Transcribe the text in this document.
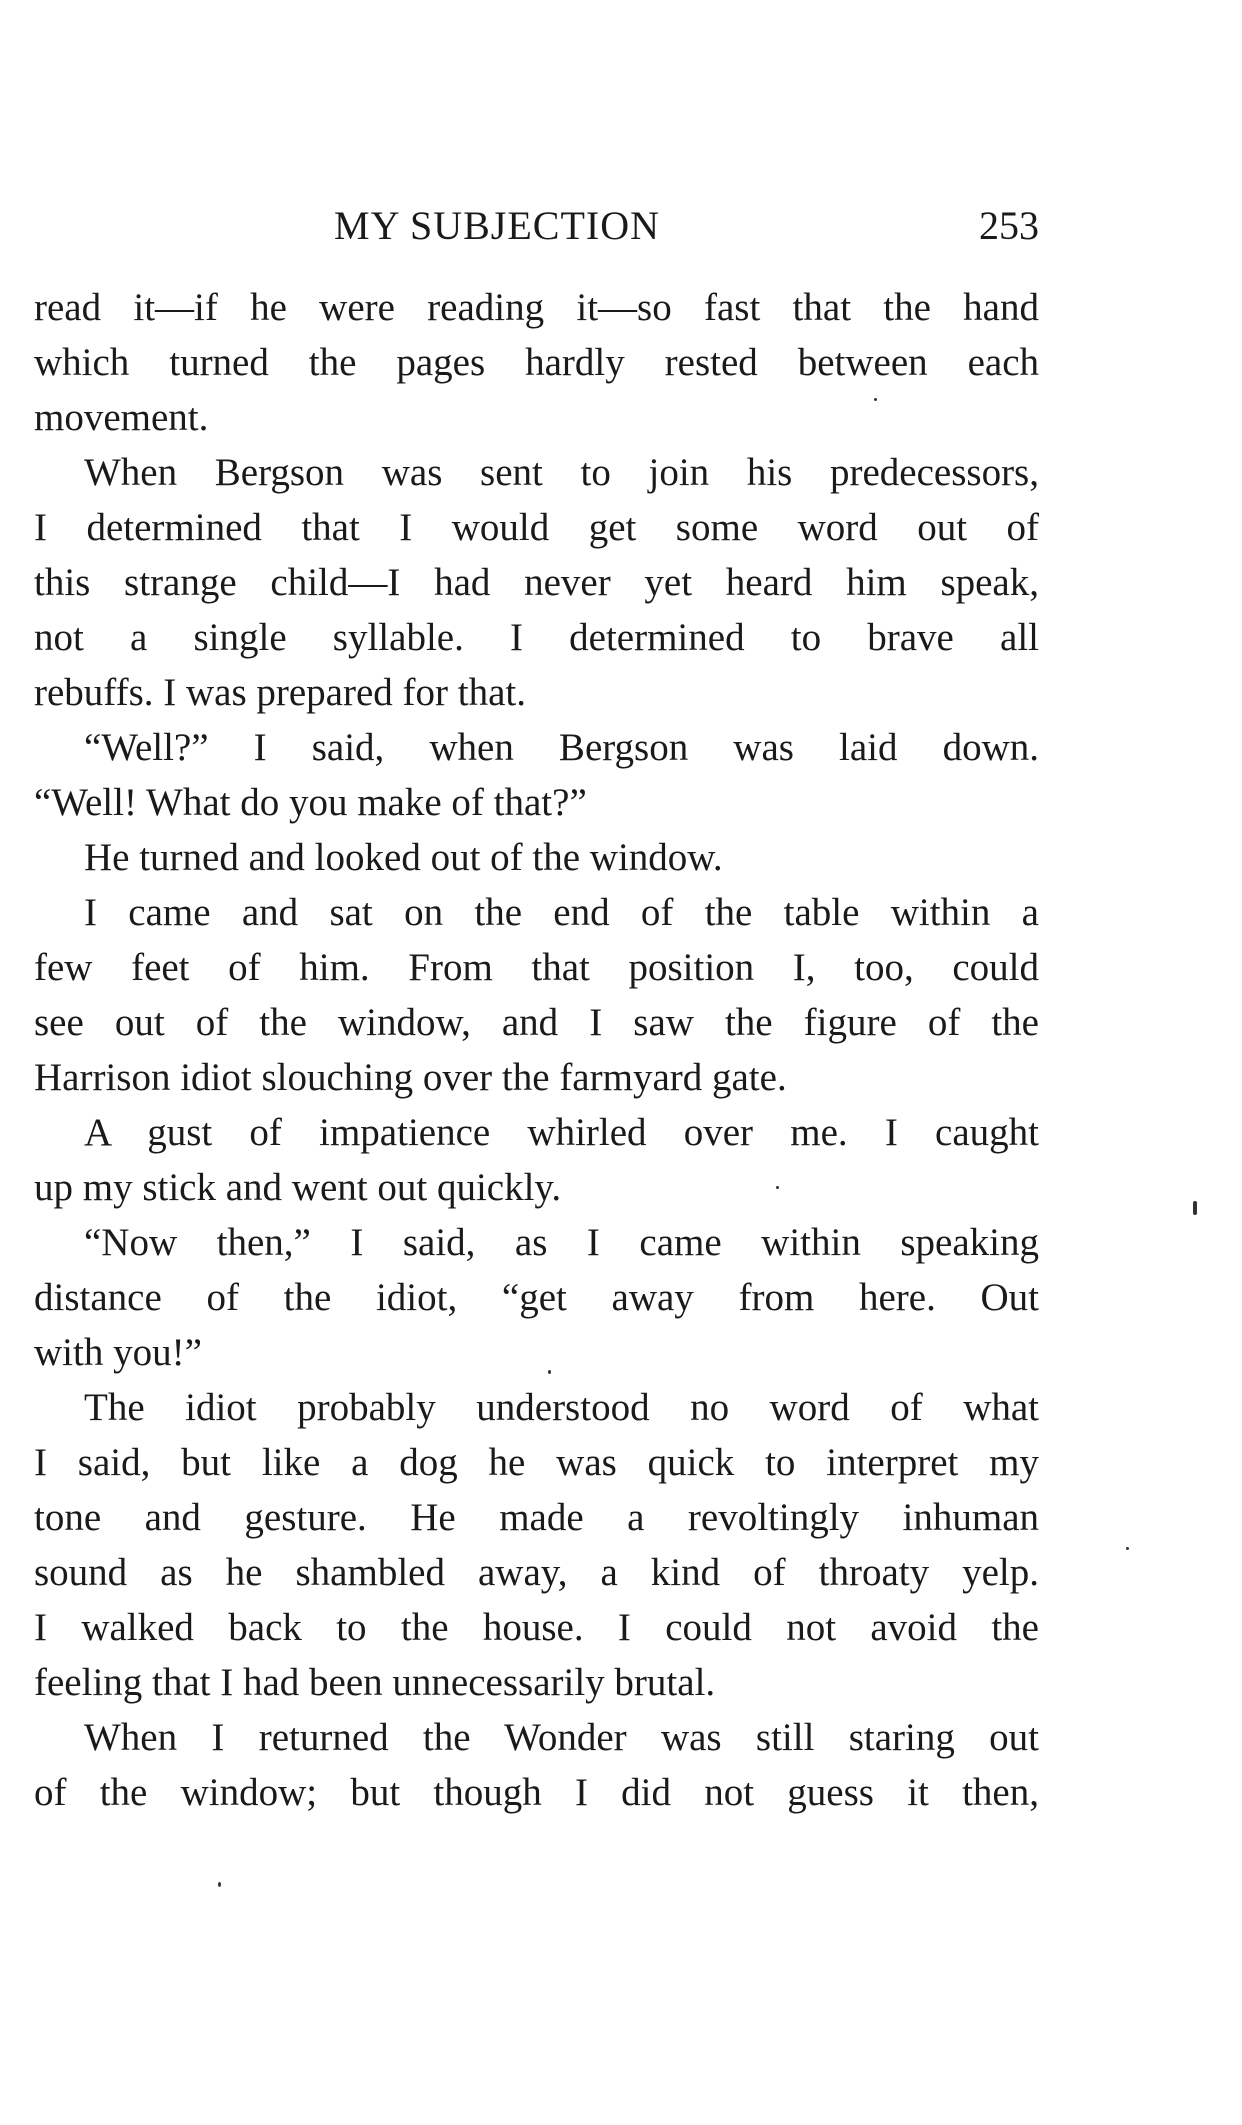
MY SUBJECTION	253
read it—if he were reading it—so fast that the hand
which turned the pages hardly rested between each
movement.
When Bergson was sent to join his predecessors,
I determined that I would get some word out of
this strange child—I had never yet heard him speak,
not a single syllable. I determined to brave all
rebuffs. I was prepared for that.
“Well?” I said, when Bergson was laid down.
“Well! What do you make of that?”
He turned and looked out of the window.
I came and sat on the end of the table within a
few feet of him. From that position I, too, could
see out of the window, and I saw the figure of the
Harrison idiot slouching over the farmyard gate.
A gust of impatience whirled over me. I caught
up my stick and went out quickly.
“Now then,” I said, as I came within speaking
distance of the idiot, “get away from here. Out
with you!”
The idiot probably understood no word of what
I said, but like a dog he was quick to interpret my
tone and gesture. He made a revoltingly inhuman
sound as he shambled away, a kind of throaty yelp.
I walked back to the house. I could not avoid the
feeling that I had been unnecessarily brutal.
When I returned the Wonder was still staring out
of the window; but though I did not guess it then,
